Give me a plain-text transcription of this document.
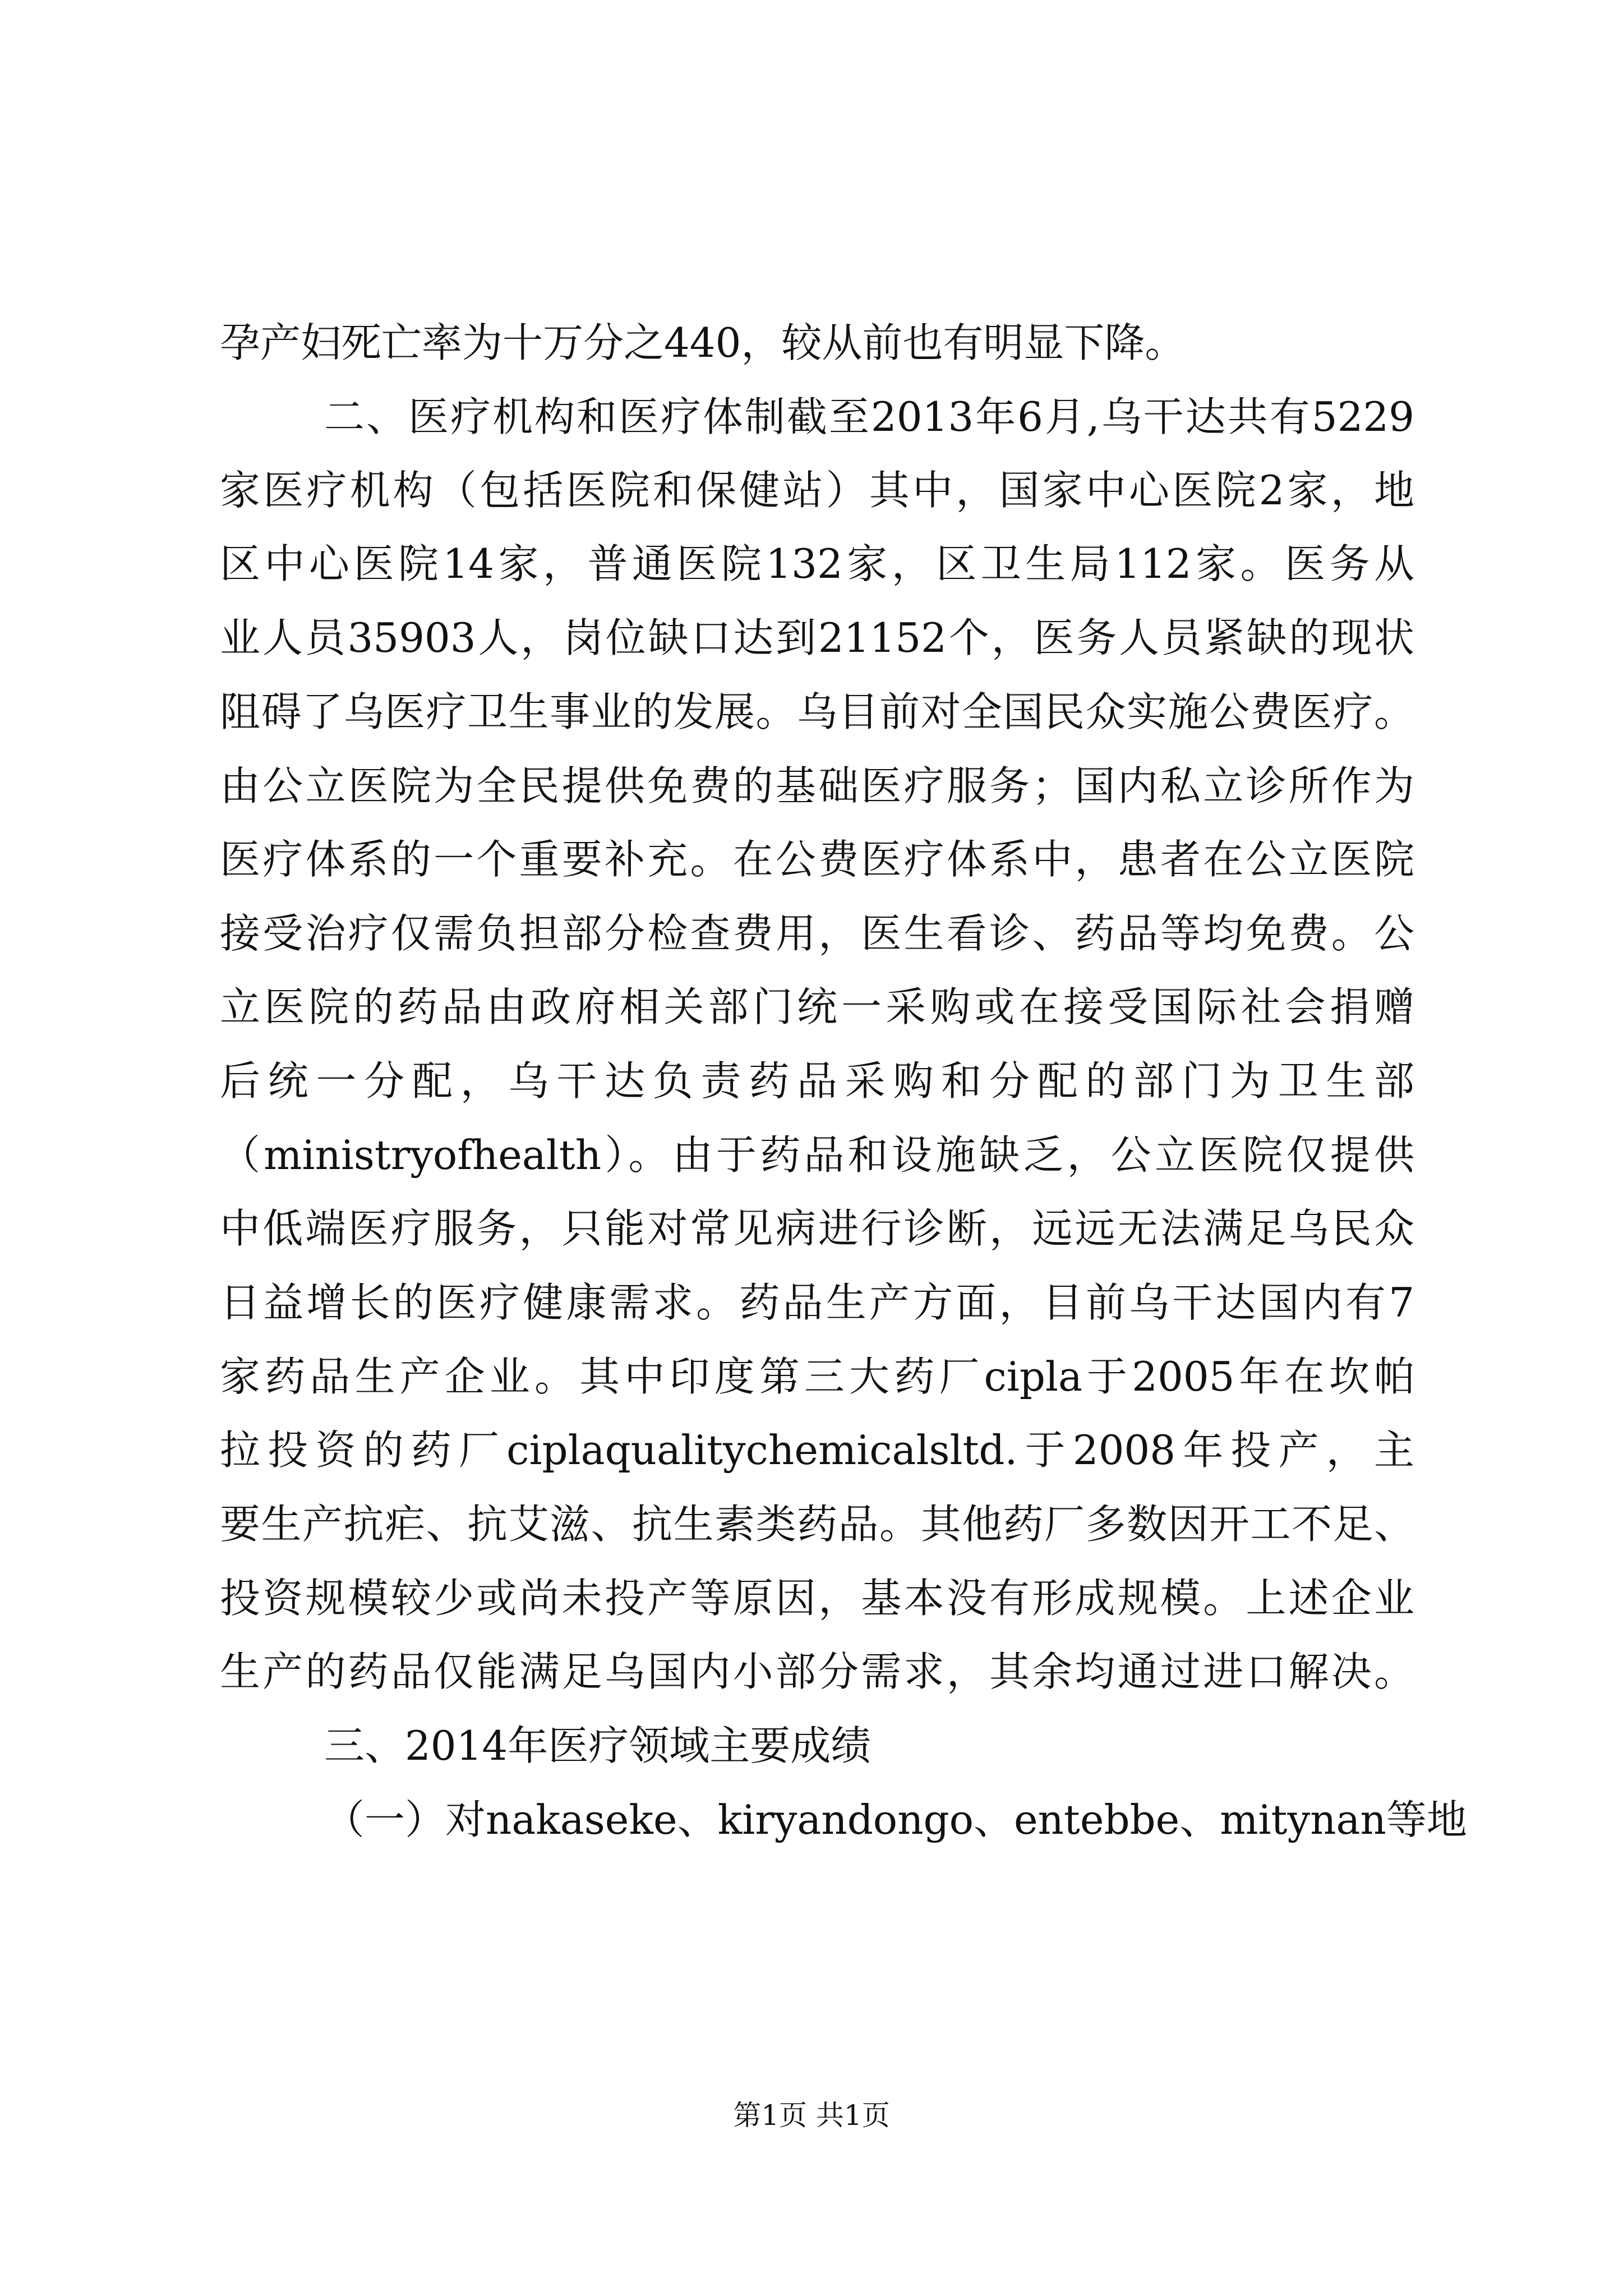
孕产妇死亡率为十万分之440，较从前也有明显下降。
二、医疗机构和医疗体制截至2013年6月,乌干达共有5229
家医疗机构（包括医院和保健站）其中，国家中心医院2家，地
区中心医院14家，普通医院132家，区卫生局112家。医务从
业人员35903人，岗位缺口达到21152个，医务人员紧缺的现状
阻碍了乌医疗卫生事业的发展。乌目前对全国民众实施公费医疗。
由公立医院为全民提供免费的基础医疗服务；国内私立诊所作为
医疗体系的一个重要补充。在公费医疗体系中，患者在公立医院
接受治疗仅需负担部分检查费用，医生看诊、药品等均免费。公
立医院的药品由政府相关部门统一采购或在接受国际社会捐赠
后统一分配，乌干达负责药品采购和分配的部门为卫生部
（ministryofhealth）。由于药品和设施缺乏，公立医院仅提供
中低端医疗服务，只能对常见病进行诊断，远远无法满足乌民众
日益增长的医疗健康需求。药品生产方面，目前乌干达国内有7
家药品生产企业。其中印度第三大药厂cipla于2005年在坎帕
拉投资的药厂ciplaqualitychemicalsltd.于2008年投产，主
要生产抗疟、抗艾滋、抗生素类药品。其他药厂多数因开工不足、
投资规模较少或尚未投产等原因，基本没有形成规模。上述企业
生产的药品仅能满足乌国内小部分需求，其余均通过进口解决。
三、2014年医疗领域主要成绩
（一）对nakaseke、kiryandongo、entebbe、mitynan等地
第1页 共1页
